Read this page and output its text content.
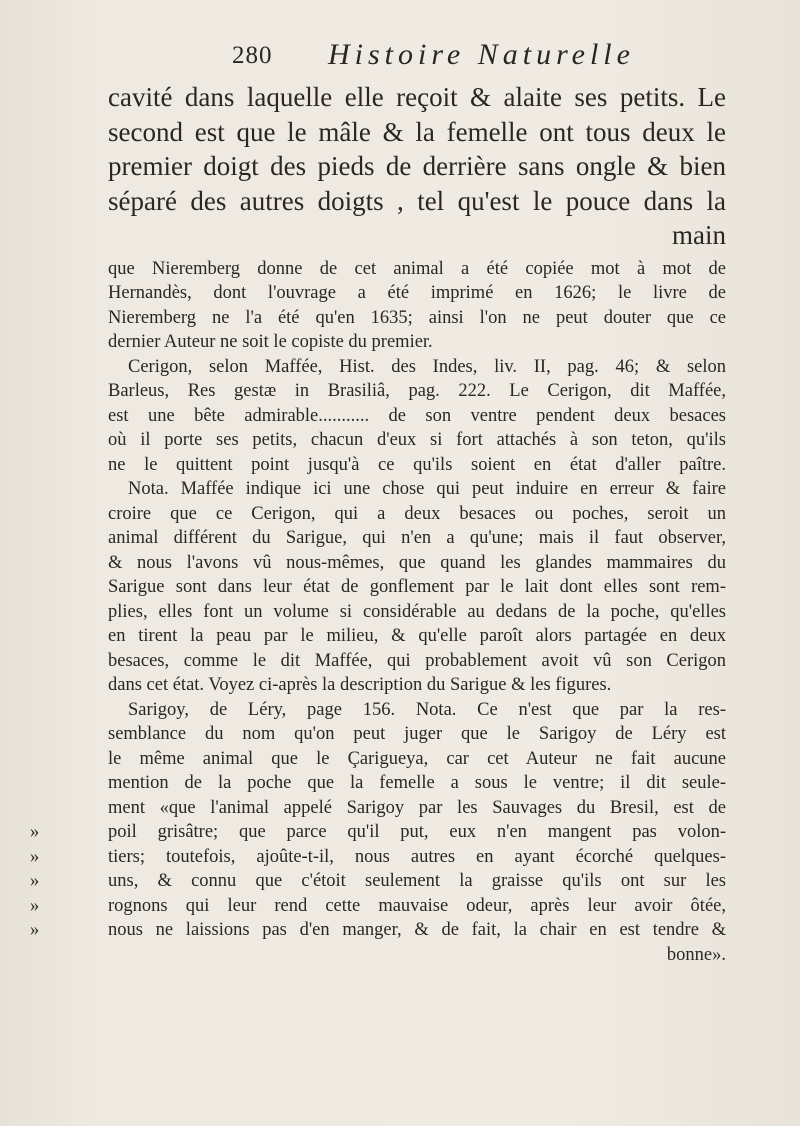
280 Histoire Naturelle
cavité dans laquelle elle reçoit & alaite ses petits. Le
second est que le mâle & la femelle ont tous deux le
premier doigt des pieds de derrière sans ongle & bien
séparé des autres doigts , tel qu'est le pouce dans la
main
que Nieremberg donne de cet animal a été copiée mot à mot de
Hernandès, dont l'ouvrage a été imprimé en 1626; le livre de
Nieremberg ne l'a été qu'en 1635; ainsi l'on ne peut douter que ce
dernier Auteur ne soit le copiste du premier.
Cerigon, selon Maffée, Hist. des Indes, liv. II, pag. 46; & selon
Barleus, Res gestæ in Brasiliâ, pag. 222. Le Cerigon, dit Maffée,
est une bête admirable........... de son ventre pendent deux besaces
où il porte ses petits, chacun d'eux si fort attachés à son teton, qu'ils
ne le quittent point jusqu'à ce qu'ils soient en état d'aller paître.
Nota. Maffée indique ici une chose qui peut induire en erreur & faire
croire que ce Cerigon, qui a deux besaces ou poches, seroit un
animal différent du Sarigue, qui n'en a qu'une; mais il faut observer,
& nous l'avons vû nous-mêmes, que quand les glandes mammaires du
Sarigue sont dans leur état de gonflement par le lait dont elles sont rem-
plies, elles font un volume si considérable au dedans de la poche, qu'elles
en tirent la peau par le milieu, & qu'elle paroît alors partagée en deux
besaces, comme le dit Maffée, qui probablement avoit vû son Cerigon
dans cet état. Voyez ci-après la description du Sarigue & les figures.
Sarigoy, de Léry, page 156. Nota. Ce n'est que par la res-
semblance du nom qu'on peut juger que le Sarigoy de Léry est
le même animal que le Çarigueya, car cet Auteur ne fait aucune
mention de la poche que la femelle a sous le ventre; il dit seule-
ment «que l'animal appelé Sarigoy par les Sauvages du Bresil, est de
»	poil grisâtre; que parce qu'il put, eux n'en mangent pas volon-
»	tiers; toutefois, ajoûte-t-il, nous autres en ayant écorché quelques-
»	uns, & connu que c'étoit seulement la graisse qu'ils ont sur les
»	rognons qui leur rend cette mauvaise odeur, après leur avoir ôtée,
»	nous ne laissions pas d'en manger, & de fait, la chair en est tendre &
bonne».
